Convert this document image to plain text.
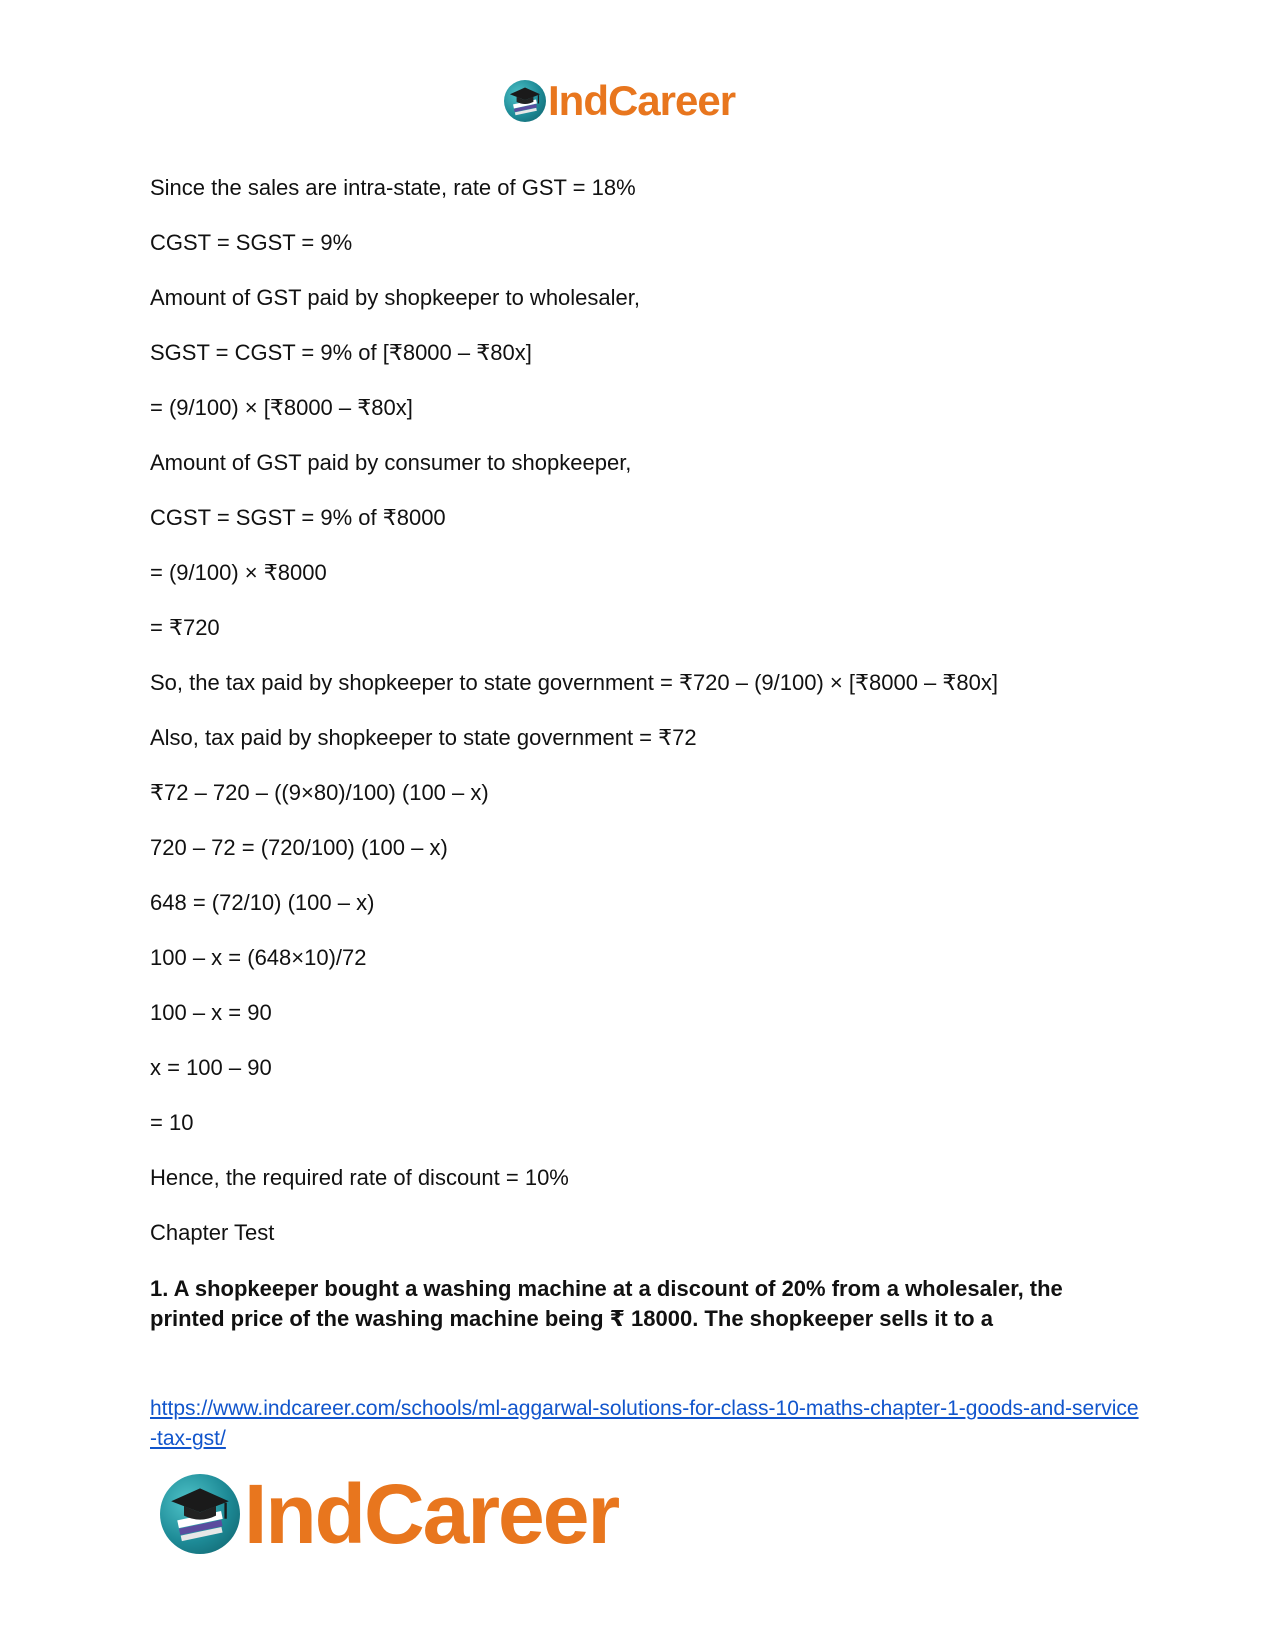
IndCareer

Since the sales are intra-state, rate of GST = 18%

CGST = SGST = 9%

Amount of GST paid by shopkeeper to wholesaler,

SGST = CGST = 9% of [₹8000 – ₹80x]

= (9/100) × [₹8000 – ₹80x]

Amount of GST paid by consumer to shopkeeper,

CGST = SGST = 9% of ₹8000

= (9/100) × ₹8000

= ₹720

So, the tax paid by shopkeeper to state government = ₹720 – (9/100) × [₹8000 – ₹80x]

Also, tax paid by shopkeeper to state government = ₹72

₹72 – 720 – ((9×80)/100) (100 – x)

720 – 72 = (720/100) (100 – x)

648 = (72/10) (100 – x)

100 – x = (648×10)/72

100 – x = 90

x = 100 – 90

= 10

Hence, the required rate of discount = 10%

Chapter Test

1. A shopkeeper bought a washing machine at a discount of 20% from a wholesaler, the printed price of the washing machine being ₹ 18000. The shopkeeper sells it to a

https://www.indcareer.com/schools/ml-aggarwal-solutions-for-class-10-maths-chapter-1-goods-and-service-tax-gst/
IndCareer
